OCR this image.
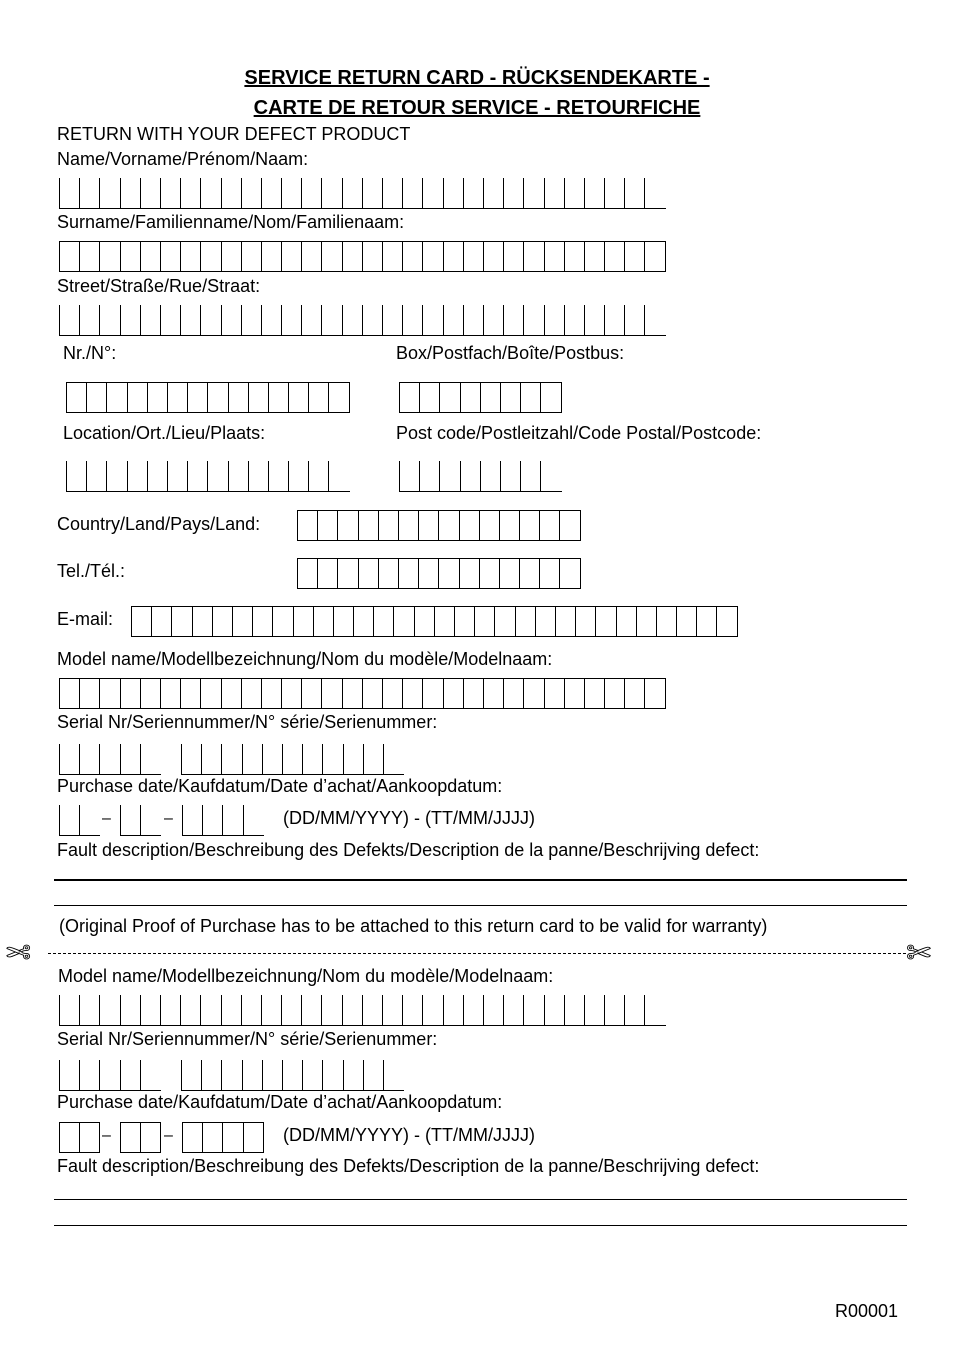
SERVICE RETURN CARD - RÜCKSENDEKARTE -
CARTE DE RETOUR SERVICE - RETOURFICHE
RETURN WITH YOUR DEFECT PRODUCT
Name/Vorname/Prénom/Naam:
Surname/Familienname/Nom/Familienaam:
Street/Straße/Rue/Straat:
Nr./N°:	Box/Postfach/Boîte/Postbus:
Location/Ort./Lieu/Plaats:	Post code/Postleitzahl/Code Postal/Postcode:
Country/Land/Pays/Land:
Tel./Tél.:
E-mail:
Model name/Modellbezeichnung/Nom du modèle/Modelnaam:
Serial Nr/Seriennummer/N° série/Serienummer:
Purchase date/Kaufdatum/Date d’achat/Aankoopdatum:
–	–	(DD/MM/YYYY) - (TT/MM/JJJJ)
Fault description/Beschreibung des Defekts/Description de la panne/Beschrijving defect:
(Original Proof of Purchase has to be attached to this return card to be valid for warranty)
✄	✄
Model name/Modellbezeichnung/Nom du modèle/Modelnaam:
Serial Nr/Seriennummer/N° série/Serienummer:
Purchase date/Kaufdatum/Date d’achat/Aankoopdatum:
–	–	(DD/MM/YYYY) - (TT/MM/JJJJ)
Fault description/Beschreibung des Defekts/Description de la panne/Beschrijving defect:
R00001
